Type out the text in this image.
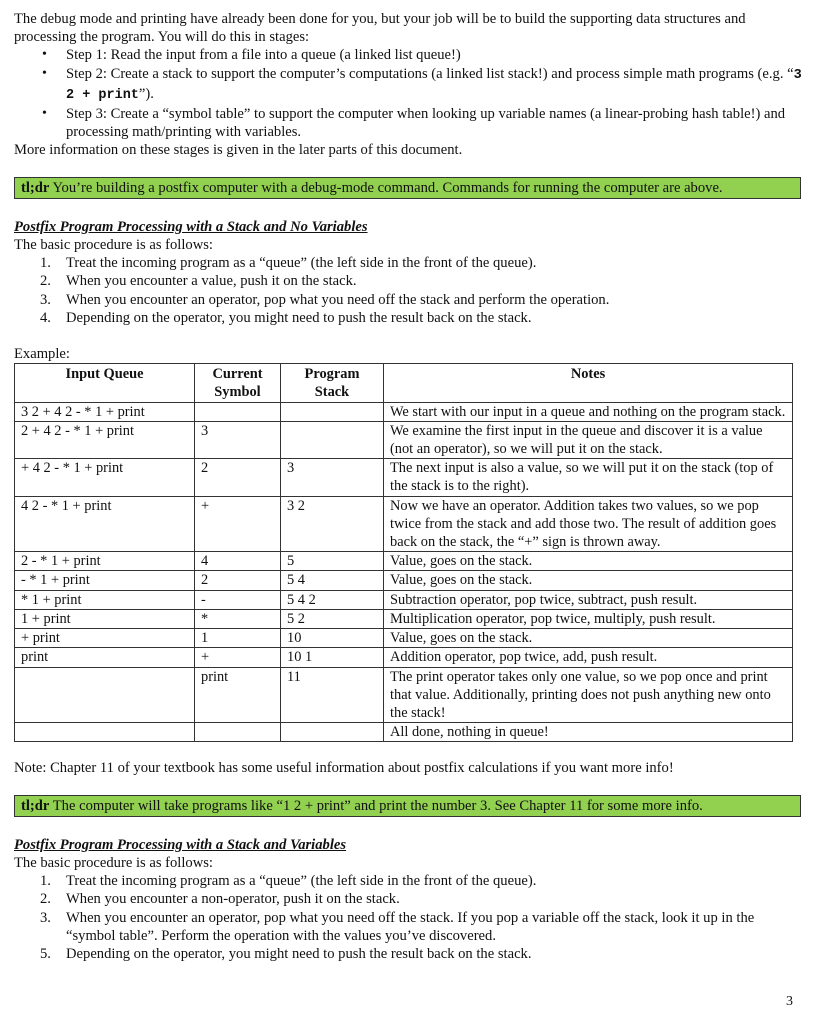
The debug mode and printing have already been done for you, but your job will be to build the supporting data structures and processing the program. You will do this in stages:

• Step 1: Read the input from a file into a queue (a linked list queue!)
• Step 2: Create a stack to support the computer’s computations (a linked list stack!) and process simple math programs (e.g. “3 2 + print”).
• Step 3: Create a “symbol table” to support the computer when looking up variable names (a linear-probing hash table!) and processing math/printing with variables.

More information on these stages is given in the later parts of this document.

tl;dr You’re building a postfix computer with a debug-mode command. Commands for running the computer are above.

Postfix Program Processing with a Stack and No Variables

The basic procedure is as follows:

1. Treat the incoming program as a “queue” (the left side in the front of the queue).
2. When you encounter a value, push it on the stack.
3. When you encounter an operator, pop what you need off the stack and perform the operation.
4. Depending on the operator, you might need to push the result back on the stack.

Example:

Input Queue	Current Symbol	Program Stack	Notes
3 2 + 4 2 - * 1 + print			We start with our input in a queue and nothing on the program stack.
2 + 4 2 - * 1 + print	3		We examine the first input in the queue and discover it is a value (not an operator), so we will put it on the stack.
+ 4 2 - * 1 + print	2	3	The next input is also a value, so we will put it on the stack (top of the stack is to the right).
4 2 - * 1 + print	+	3 2	Now we have an operator. Addition takes two values, so we pop twice from the stack and add those two. The result of addition goes back on the stack, the “+” sign is thrown away.
2 - * 1 + print	4	5	Value, goes on the stack.
- * 1 + print	2	5 4	Value, goes on the stack.
* 1 + print	-	5 4 2	Subtraction operator, pop twice, subtract, push result.
1 + print	*	5 2	Multiplication operator, pop twice, multiply, push result.
+ print	1	10	Value, goes on the stack.
print	+	10 1	Addition operator, pop twice, add, push result.
	print	11	The print operator takes only one value, so we pop once and print that value. Additionally, printing does not push anything new onto the stack!
			All done, nothing in queue!

Note: Chapter 11 of your textbook has some useful information about postfix calculations if you want more info!

tl;dr The computer will take programs like “1 2 + print” and print the number 3. See Chapter 11 for some more info.

Postfix Program Processing with a Stack and Variables

The basic procedure is as follows:

1. Treat the incoming program as a “queue” (the left side in the front of the queue).
2. When you encounter a non-operator, push it on the stack.
3. When you encounter an operator, pop what you need off the stack. If you pop a variable off the stack, look it up in the “symbol table”. Perform the operation with the values you’ve discovered.
5. Depending on the operator, you might need to push the result back on the stack.
3
